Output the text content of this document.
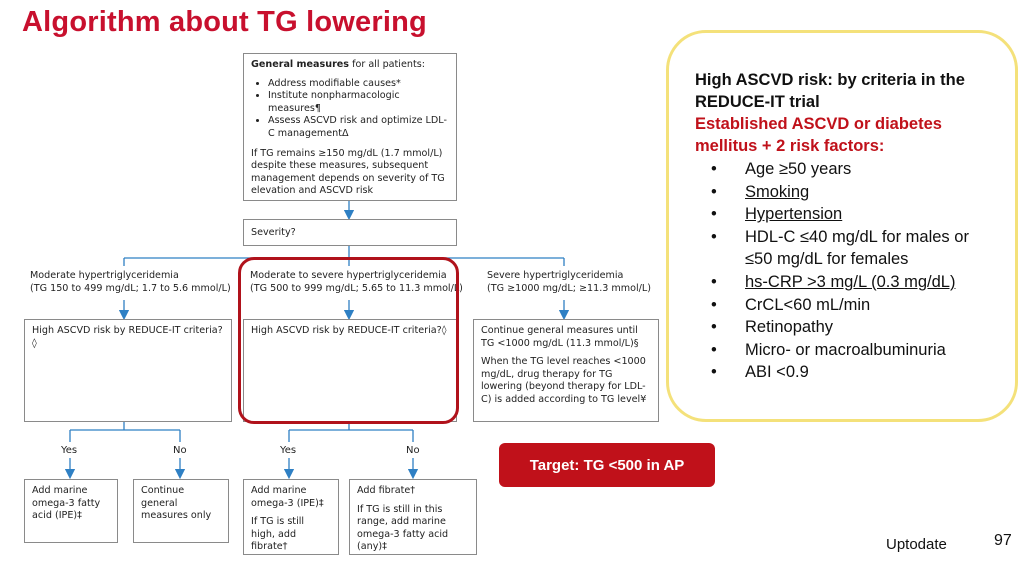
Algorithm about TG lowering

General measures for all patients:

• Address modifiable causes*
• Institute nonpharmacologic measures¶
• Assess ASCVD risk and optimize LDL-C managementΔ

If TG remains ≥150 mg/dL (1.7 mmol/L) despite these measures, subsequent management depends on severity of TG elevation and ASCVD risk

Severity?
Moderate hypertriglyceridemia
(TG 150 to 499 mg/dL; 1.7 to 5.6 mmol/L)
Moderate to severe hypertriglyceridemia
(TG 500 to 999 mg/dL; 5.65 to 11.3 mmol/L)
Severe hypertriglyceridemia
(TG ≥1000 mg/dL; ≥11.3 mmol/L)
High ASCVD risk by REDUCE-IT criteria?◊
High ASCVD risk by REDUCE-IT criteria?◊	Continue general measures until TG <1000 mg/dL (11.3 mmol/L)§

When the TG level reaches <1000 mg/dL, drug therapy for TG lowering (beyond therapy for LDL-C) is added according to TG level¥

Yes	No	Yes	No
Add marine omega-3 fatty acid (IPE)‡
Continue general measures only

Add marine omega-3 (IPE)‡

If TG is still high, add fibrate†

Add fibrate†

If TG is still in this range, add marine omega-3 fatty acid (any)‡

Target: TG <500 in AP
High ASCVD risk: by criteria in the REDUCE-IT trial
Established ASCVD or diabetes mellitus + 2 risk factors:
• Age ≥50 years
• Smoking
• Hypertension
• HDL-C ≤40 mg/dL for males or ≤50 mg/dL for females
• hs-CRP >3 mg/L (0.3 mg/dL)
• CrCL<60 mL/min
• Retinopathy
• Micro- or macroalbuminuria
• ABI <0.9
Uptodate	97
